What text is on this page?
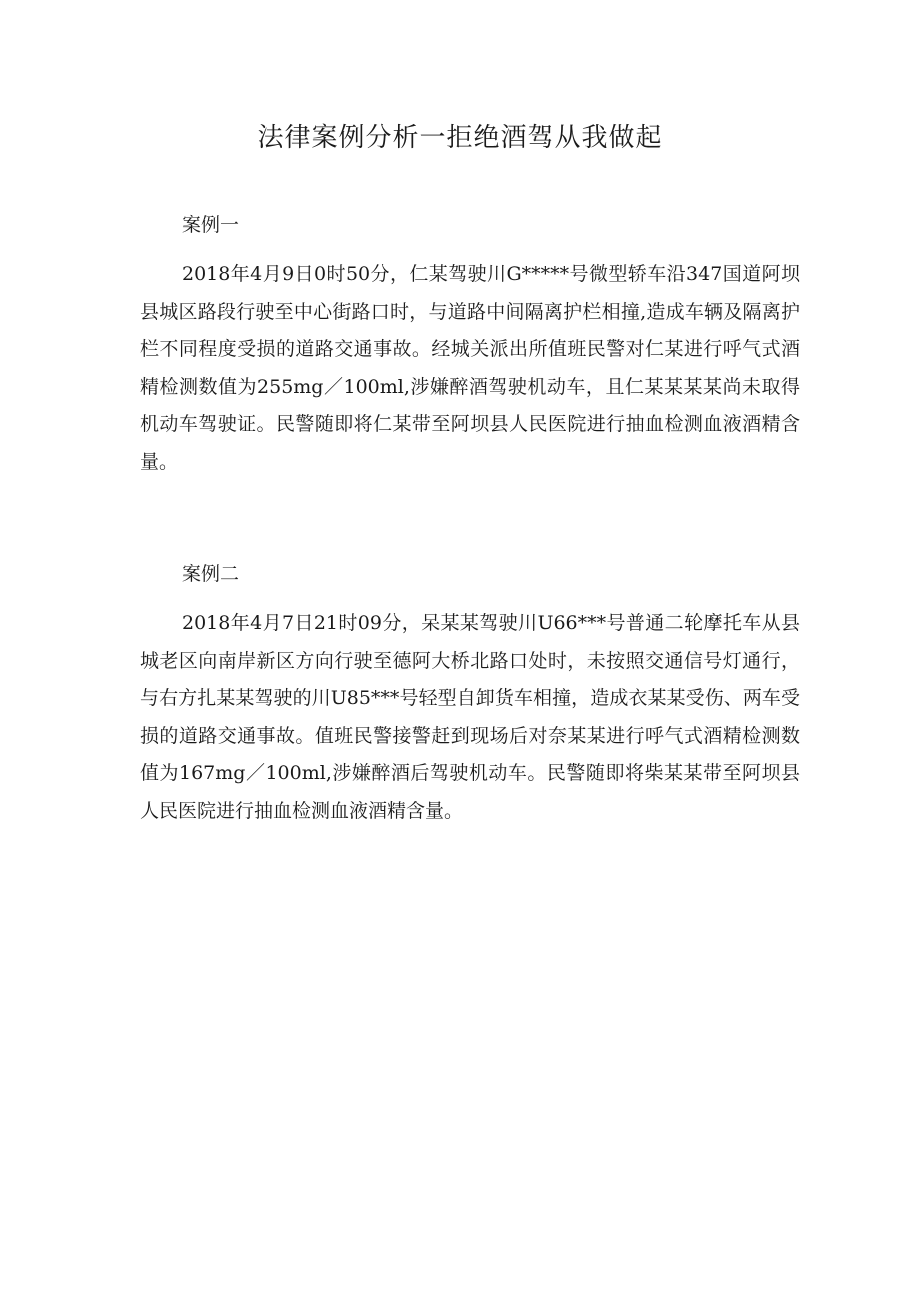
法律案例分析一拒绝酒驾从我做起

案例一

2018年4月9日0时50分，仁某驾驶川G*****号微型轿车沿347国道阿坝县城区路段行驶至中心街路口时，与道路中间隔离护栏相撞,造成车辆及隔离护栏不同程度受损的道路交通事故。经城关派出所值班民警对仁某进行呼气式酒精检测数值为255mg／100ml,涉嫌醉酒驾驶机动车，且仁某某某某尚未取得机动车驾驶证。民警随即将仁某带至阿坝县人民医院进行抽血检测血液酒精含量。

案例二

2018年4月7日21时09分，呆某某驾驶川U66***号普通二轮摩托车从县城老区向南岸新区方向行驶至德阿大桥北路口处时，未按照交通信号灯通行，与右方扎某某驾驶的川U85***号轻型自卸货车相撞，造成衣某某受伤、两车受损的道路交通事故。值班民警接警赶到现场后对奈某某进行呼气式酒精检测数值为167mg／100ml,涉嫌醉酒后驾驶机动车。民警随即将柴某某带至阿坝县人民医院进行抽血检测血液酒精含量。
